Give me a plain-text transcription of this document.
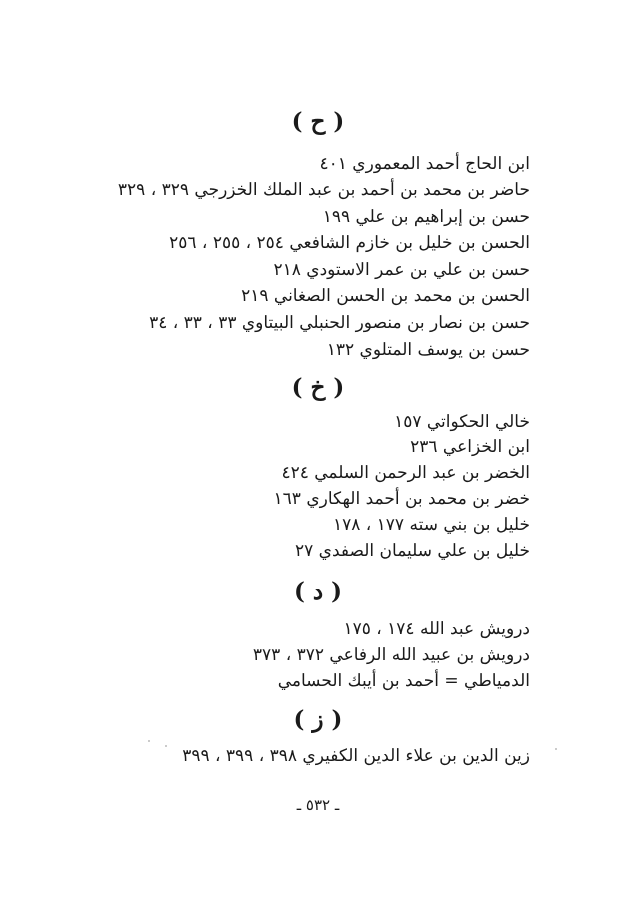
( ح )
ابن الحاج أحمد المعموري ٤٠١
حاضر بن محمد بن أحمد بن عبد الملك الخزرجي ٣٢٩ ، ٣٢٩
حسن بن إبراهيم بن علي ١٩٩
الحسن بن خليل بن خازم الشافعي ٢٥٤ ، ٢٥٥ ، ٢٥٦
حسن بن علي بن عمر الاستودي ٢١٨
الحسن بن محمد بن الحسن الصغاني ٢١٩
حسن بن نصار بن منصور الحنبلي البيتاوي ٣٣ ، ٣٣ ، ٣٤
حسن بن يوسف المتلوي ١٣٢
( خ )
خالي الحكواتي ١٥٧
ابن الخزاعي ٢٣٦
الخضر بن عبد الرحمن السلمي ٤٢٤
خضر بن محمد بن أحمد الهكاري ١٦٣
خليل بن بني سته ١٧٧ ، ١٧٨
خليل بن علي سليمان الصفدي ٢٧
( د )
درويش عبد الله ١٧٤ ، ١٧٥
درويش بن عبيد الله الرفاعي ٣٧٢ ، ٣٧٣
الدمياطي = أحمد بن أيبك الحسامي
( ز )
زين الدين بن علاء الدين الكفيري ٣٩٨ ، ٣٩٩ ، ٣٩٩
ـ ٥٣٢ ـ
